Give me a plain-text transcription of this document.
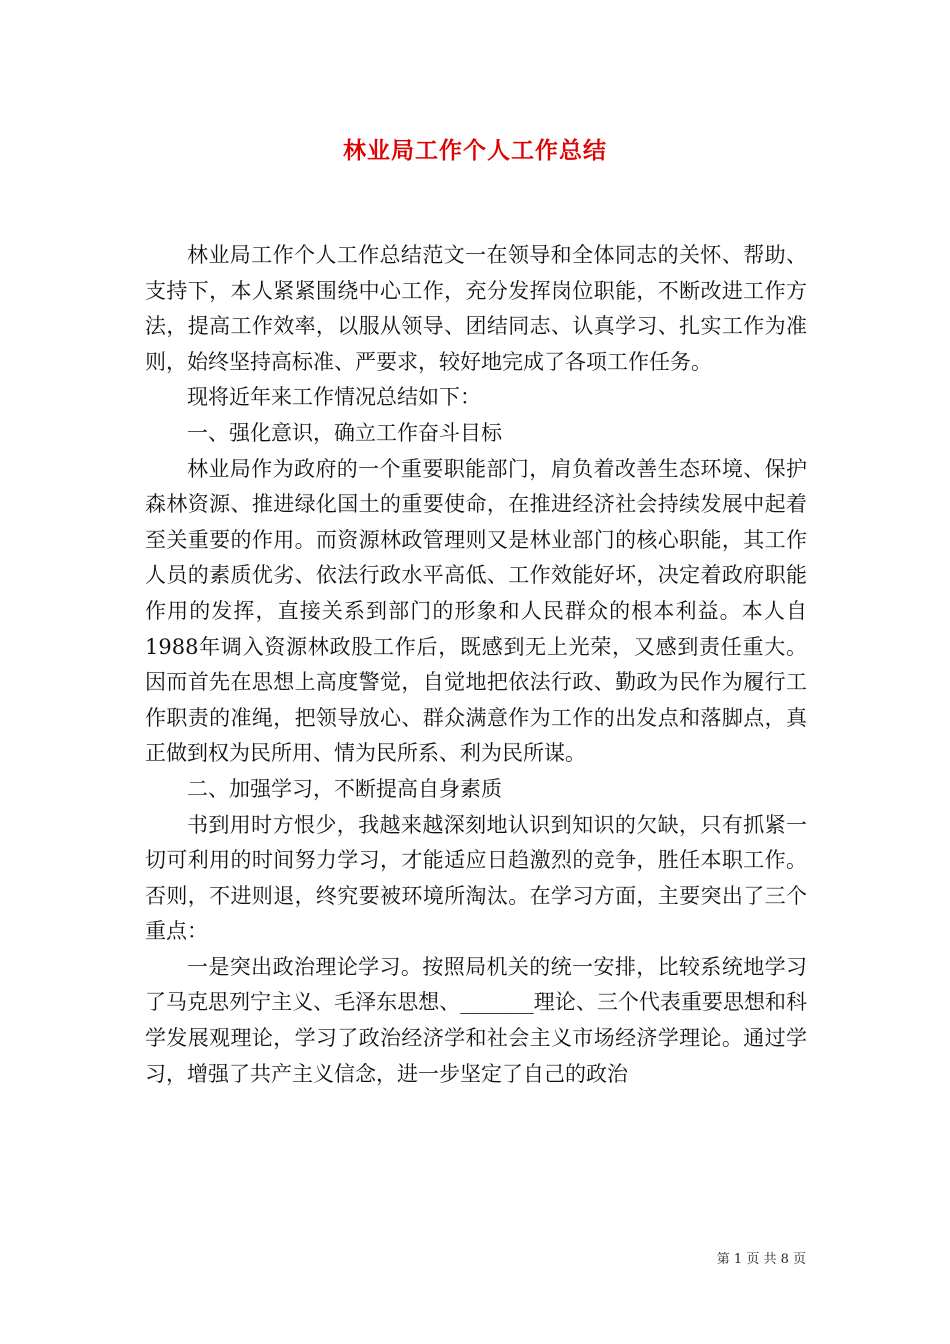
林业局工作个人工作总结

林业局工作个人工作总结范文一在领导和全体同志的关怀、帮助、支持下，本人紧紧围绕中心工作，充分发挥岗位职能，不断改进工作方法，提高工作效率，以服从领导、团结同志、认真学习、扎实工作为准则，始终坚持高标准、严要求，较好地完成了各项工作任务。

现将近年来工作情况总结如下：

一、强化意识，确立工作奋斗目标

林业局作为政府的一个重要职能部门，肩负着改善生态环境、保护森林资源、推进绿化国土的重要使命，在推进经济社会持续发展中起着至关重要的作用。而资源林政管理则又是林业部门的核心职能，其工作人员的素质优劣、依法行政水平高低、工作效能好坏，决定着政府职能作用的发挥，直接关系到部门的形象和人民群众的根本利益。本人自1988年调入资源林政股工作后，既感到无上光荣，又感到责任重大。因而首先在思想上高度警觉，自觉地把依法行政、勤政为民作为履行工作职责的准绳，把领导放心、群众满意作为工作的出发点和落脚点，真正做到权为民所用、情为民所系、利为民所谋。

二、加强学习，不断提高自身素质

书到用时方恨少，我越来越深刻地认识到知识的欠缺，只有抓紧一切可利用的时间努力学习，才能适应日趋激烈的竞争，胜任本职工作。否则，不进则退，终究要被环境所淘汰。在学习方面，主要突出了三个重点：

一是突出政治理论学习。按照局机关的统一安排，比较系统地学习了马克思列宁主义、毛泽东思想、_______理论、三个代表重要思想和科学发展观理论，学习了政治经济学和社会主义市场经济学理论。通过学习，增强了共产主义信念，进一步坚定了自己的政治

第 1 页 共 8 页
